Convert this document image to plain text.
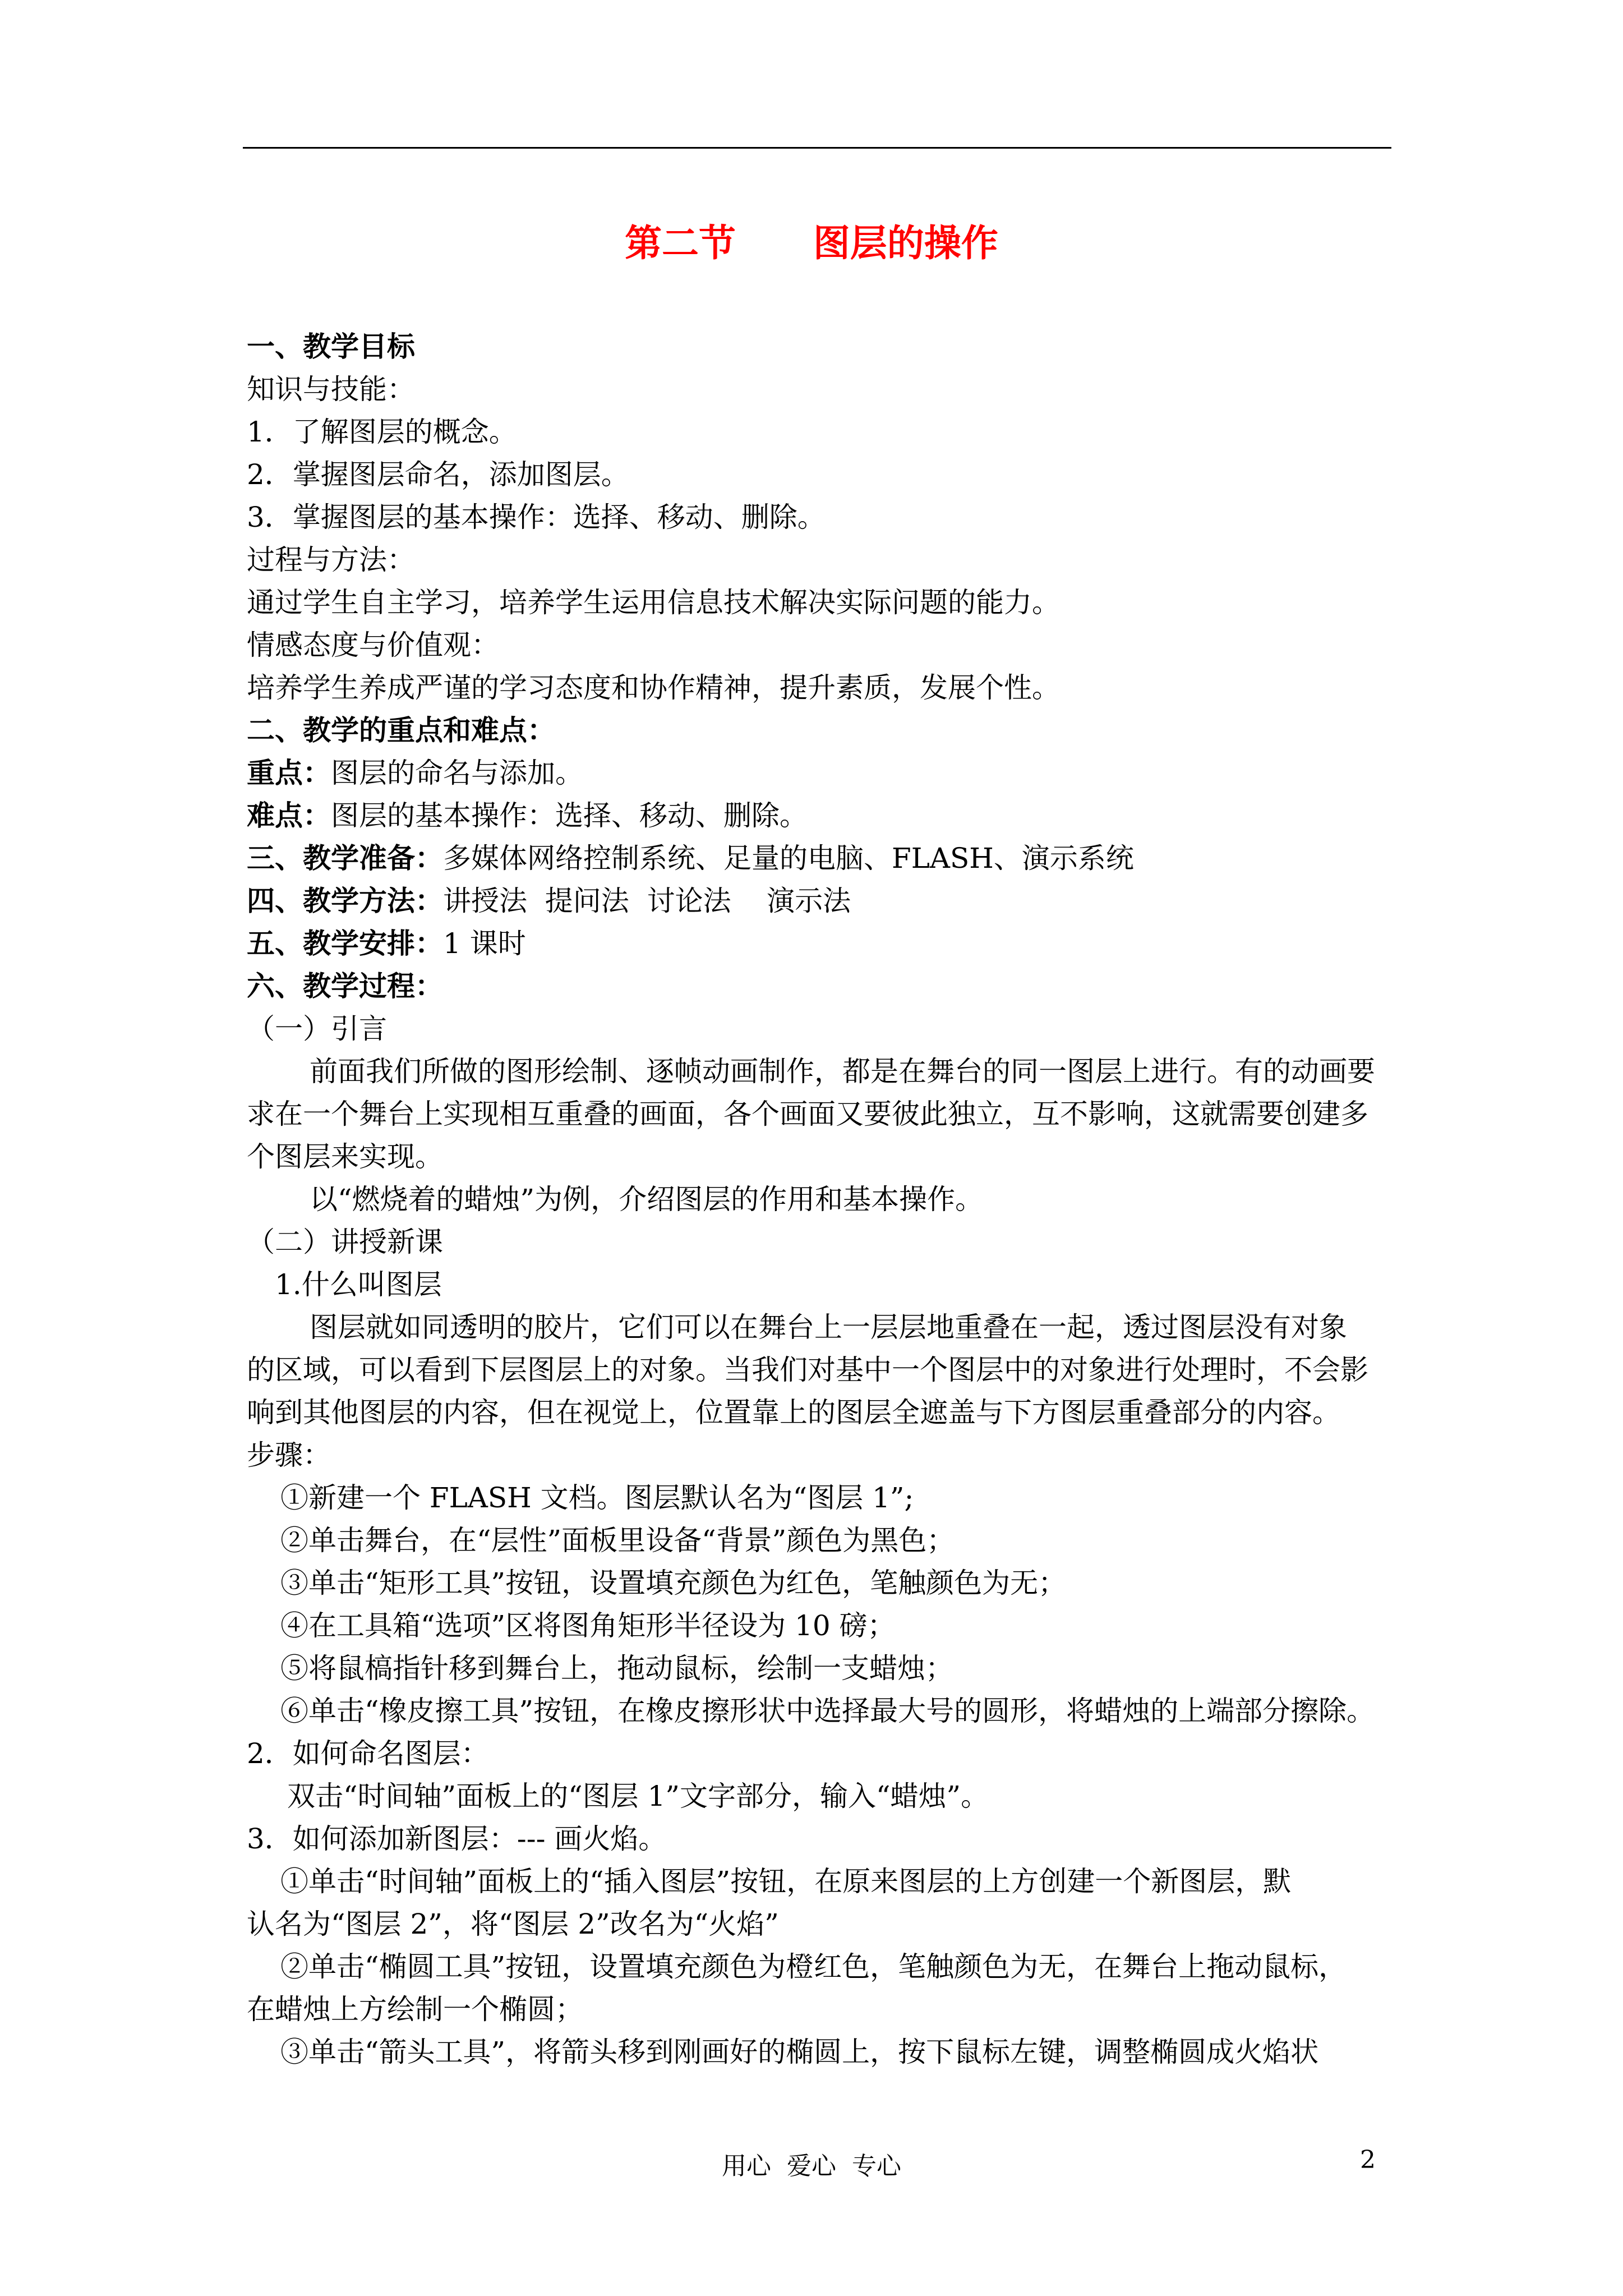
第二节      图层的操作
一、教学目标
知识与技能：
1．了解图层的概念。
2．掌握图层命名，添加图层。
3．掌握图层的基本操作：选择、移动、删除。
过程与方法：
通过学生自主学习，培养学生运用信息技术解决实际问题的能力。
情感态度与价值观：
培养学生养成严谨的学习态度和协作精神，提升素质，发展个性。
二、教学的重点和难点：
重点：图层的命名与添加。
难点：图层的基本操作：选择、移动、删除。
三、教学准备：多媒体网络控制系统、足量的电脑、FLASH、演示系统
四、教学方法：讲授法  提问法  讨论法    演示法
五、教学安排：1 课时
六、教学过程：
（一）引言
前面我们所做的图形绘制、逐帧动画制作，都是在舞台的同一图层上进行。有的动画要
求在一个舞台上实现相互重叠的画面，各个画面又要彼此独立，互不影响，这就需要创建多
个图层来实现。
以“燃烧着的蜡烛”为例，介绍图层的作用和基本操作。
（二）讲授新课
1.什么叫图层
图层就如同透明的胶片，它们可以在舞台上一层层地重叠在一起，透过图层没有对象
的区域，可以看到下层图层上的对象。当我们对基中一个图层中的对象进行处理时，不会影
响到其他图层的内容，但在视觉上，位置靠上的图层全遮盖与下方图层重叠部分的内容。
步骤：
①新建一个 FLASH 文档。图层默认名为“图层 1”;
②单击舞台，在“层性”面板里设备“背景”颜色为黑色；
③单击“矩形工具”按钮，设置填充颜色为红色，笔触颜色为无；
④在工具箱“选项”区将图角矩形半径设为 10 磅；
⑤将鼠槁指针移到舞台上，拖动鼠标，绘制一支蜡烛；
⑥单击“橡皮擦工具”按钮，在橡皮擦形状中选择最大号的圆形，将蜡烛的上端部分擦除。
2．如何命名图层：
双击“时间轴”面板上的“图层 1”文字部分，输入“蜡烛”。
3．如何添加新图层：--- 画火焰。
①单击“时间轴”面板上的“插入图层”按钮，在原来图层的上方创建一个新图层，默
认名为“图层 2”，将“图层 2”改名为“火焰”
②单击“椭圆工具”按钮，设置填充颜色为橙红色，笔触颜色为无，在舞台上拖动鼠标，
在蜡烛上方绘制一个椭圆；
③单击“箭头工具”，将箭头移到刚画好的椭圆上，按下鼠标左键，调整椭圆成火焰状
用心  爱心  专心	2
